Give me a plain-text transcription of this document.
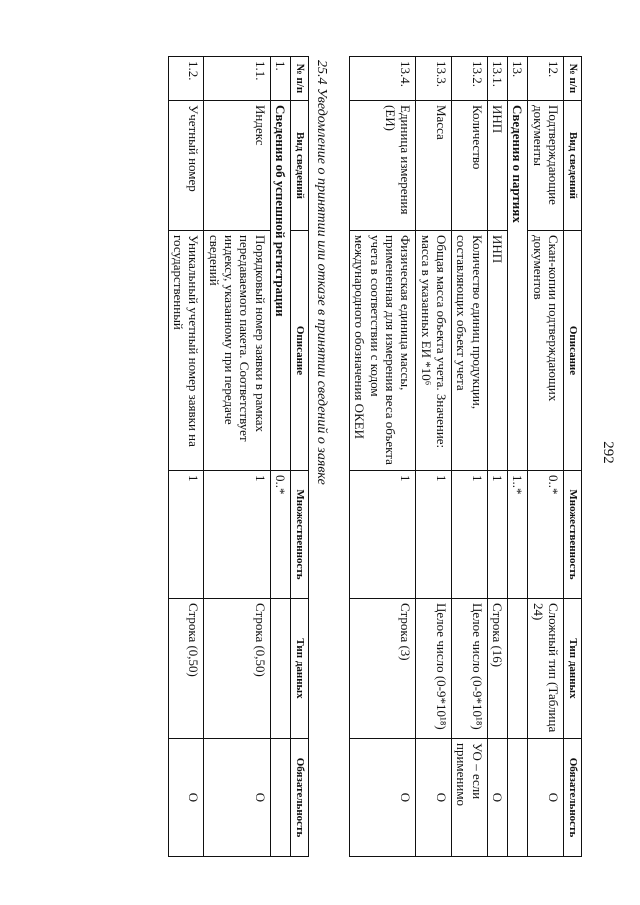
292
№ п/п	Вид сведений	Описание	Множественность	Тип данных	Обязательность
12.	Подтверждающие документы	Скан-копии подтверждающих документов	0..*	Сложный тип (Таблица 24)	О
13.	Сведения о партиях		1..*		
13.1.	ИНП	ИНП	1	Строка (16)	О
13.2.	Количество	Количество единиц продукции, составляющих объект учета	1	Целое число (0-9*10¹⁸)	УО – если применимо
13.3.	Масса	Общая масса объекта учета. Значение: масса в указанных ЕИ *10⁶	1	Целое число (0-9*10¹⁸)	О
13.4.	Единица измерения (ЕИ)	Физическая единица массы, примененная для измерения веса объекта учета в соответствии с кодом международного обозначения ОКЕИ	1	Строка (3)	О
25.4 Уведомление о принятии или отказе в принятии сведений о заявке
№ п/п	Вид сведений	Описание	Множественность	Тип данных	Обязательность
1.	Сведения об успешной регистрации		0..*		
1.1.	Индекс	Порядковый номер заявки в рамках передаваемого пакета. Соответствует индексу, указанному при передаче сведений	1	Строка (0,50)	О
1.2.	Учетный номер	Уникальный учетный номер заявки на государственный	1	Строка (0,50)	О
